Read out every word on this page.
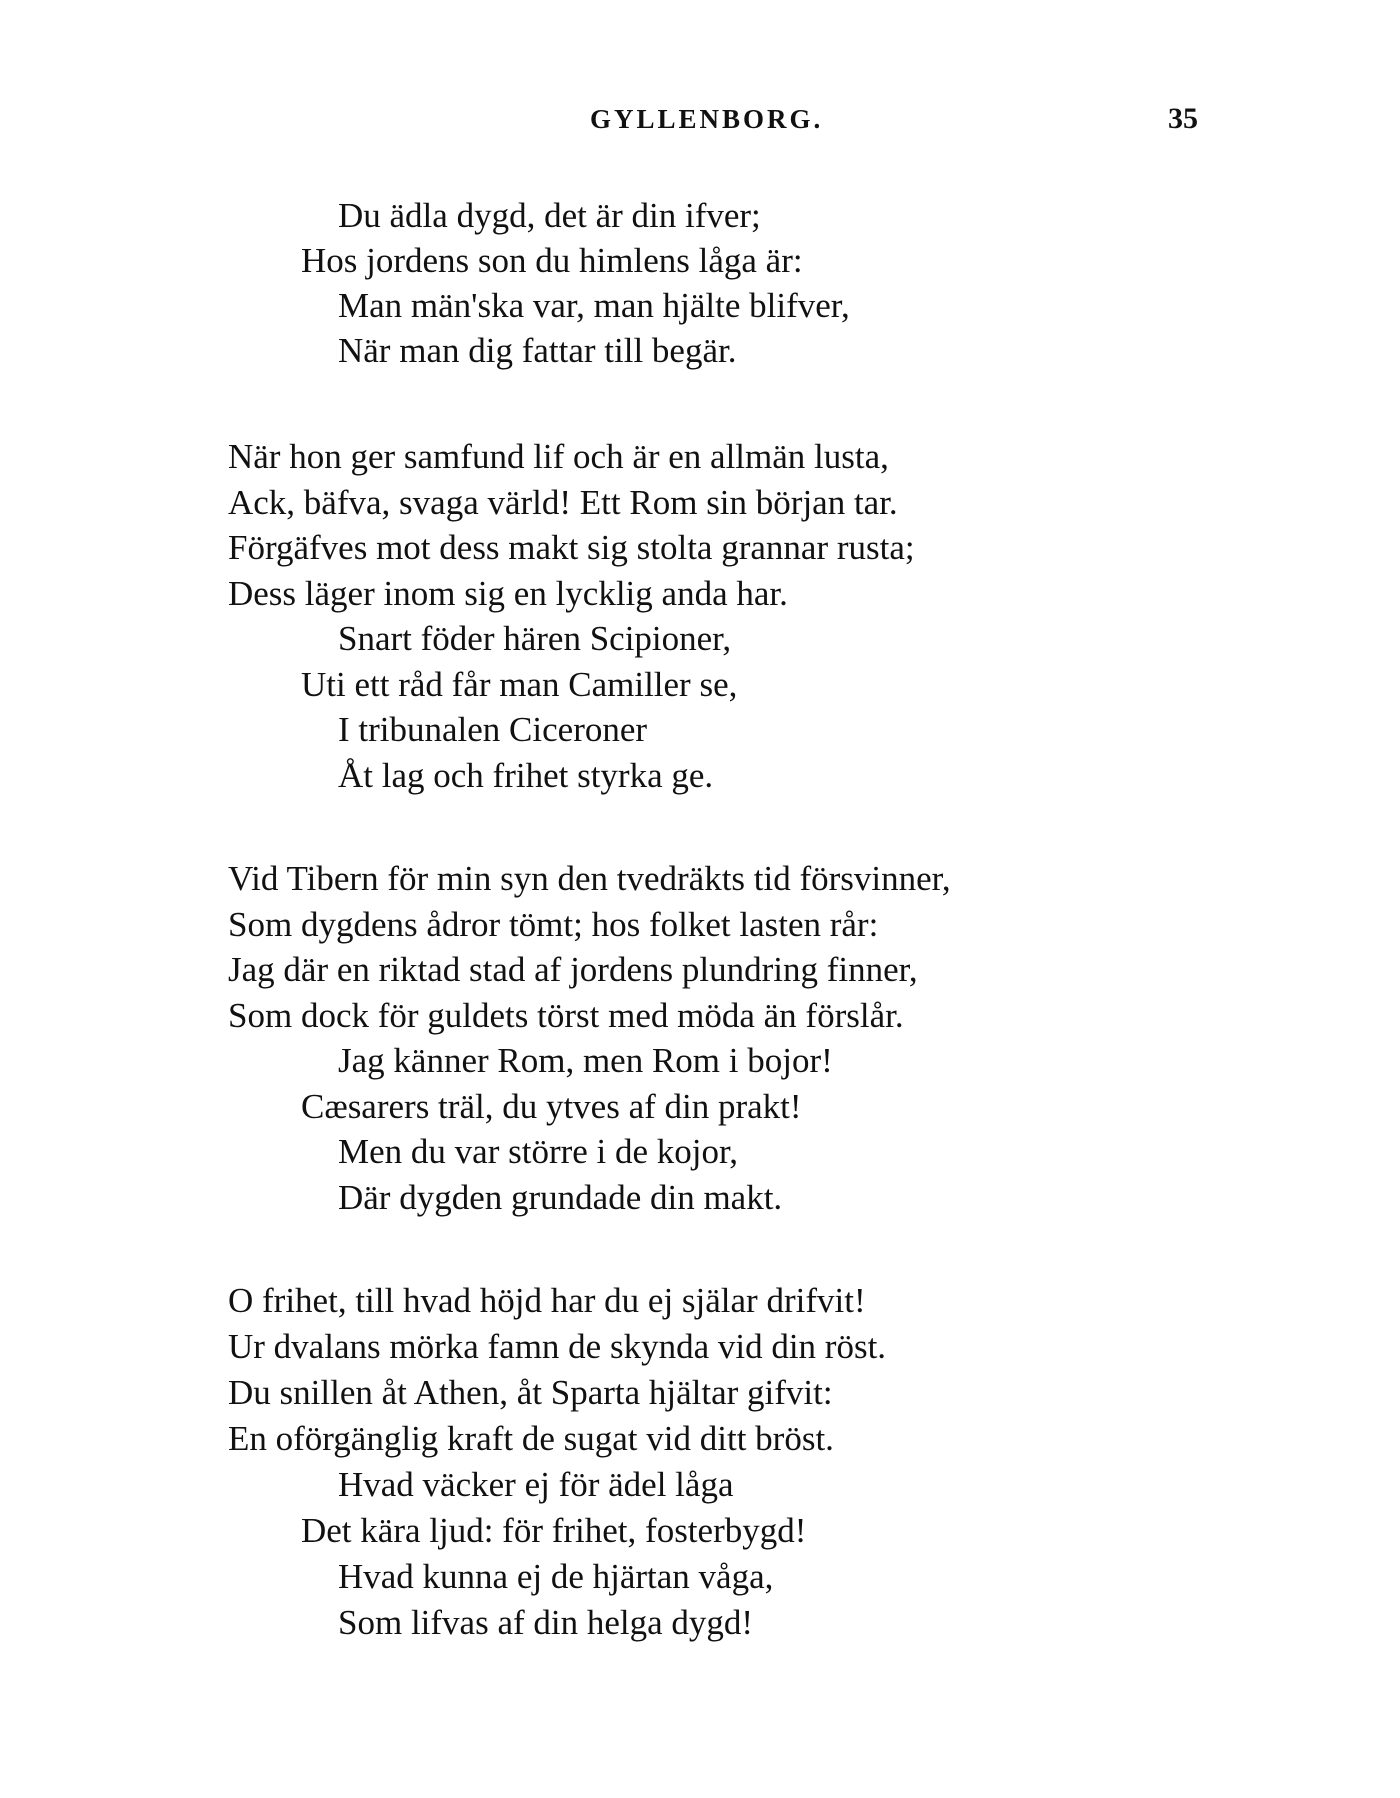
GYLLENBORG.	35
Du ädla dygd, det är din ifver;
Hos jordens son du himlens låga är:
Man män'ska var, man hjälte blifver,
När man dig fattar till begär.
När hon ger samfund lif och är en allmän lusta,
Ack, bäfva, svaga värld! Ett Rom sin början tar.
Förgäfves mot dess makt sig stolta grannar rusta;
Dess läger inom sig en lycklig anda har.
Snart föder hären Scipioner,
Uti ett råd får man Camiller se,
I tribunalen Ciceroner
Åt lag och frihet styrka ge.
Vid Tibern för min syn den tvedräkts tid försvinner,
Som dygdens ådror tömt; hos folket lasten rår:
Jag där en riktad stad af jordens plundring finner,
Som dock för guldets törst med möda än förslår.
Jag känner Rom, men Rom i bojor!
Cæsarers träl, du ytves af din prakt!
Men du var större i de kojor,
Där dygden grundade din makt.
O frihet, till hvad höjd har du ej själar drifvit!
Ur dvalans mörka famn de skynda vid din röst.
Du snillen åt Athen, åt Sparta hjältar gifvit:
En oförgänglig kraft de sugat vid ditt bröst.
Hvad väcker ej för ädel låga
Det kära ljud: för frihet, fosterbygd!
Hvad kunna ej de hjärtan våga,
Som lifvas af din helga dygd!
